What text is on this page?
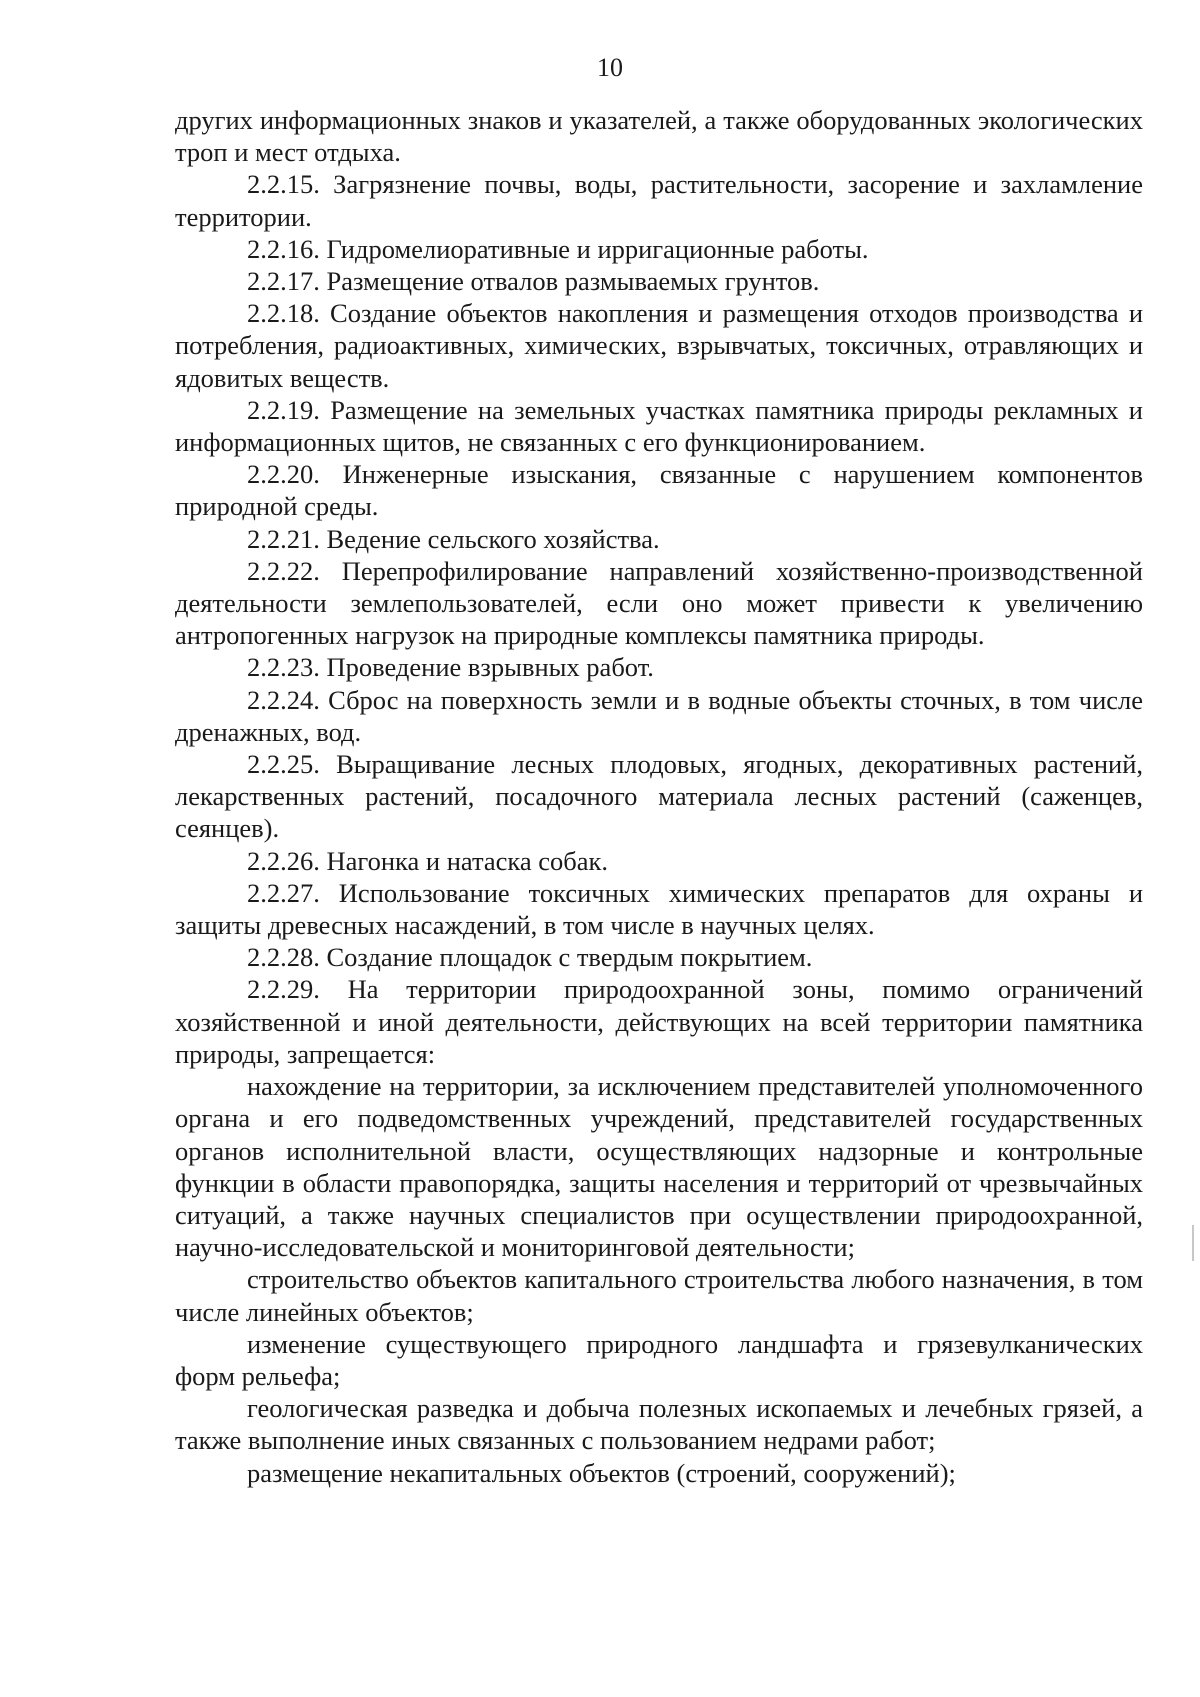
10

других информационных знаков и указателей, а также оборудованных экологических троп и мест отдыха.

2.2.15. Загрязнение почвы, воды, растительности, засорение и захламление территории.

2.2.16. Гидромелиоративные и ирригационные работы.

2.2.17. Размещение отвалов размываемых грунтов.

2.2.18. Создание объектов накопления и размещения отходов производства и потребления, радиоактивных, химических, взрывчатых, токсичных, отравляющих и ядовитых веществ.

2.2.19. Размещение на земельных участках памятника природы рекламных и информационных щитов, не связанных с его функционированием.

2.2.20. Инженерные изыскания, связанные с нарушением компонентов природной среды.

2.2.21. Ведение сельского хозяйства.

2.2.22. Перепрофилирование направлений хозяйственно-производственной деятельности землепользователей, если оно может привести к увеличению антропогенных нагрузок на природные комплексы памятника природы.

2.2.23. Проведение взрывных работ.

2.2.24. Сброс на поверхность земли и в водные объекты сточных, в том числе дренажных, вод.

2.2.25. Выращивание лесных плодовых, ягодных, декоративных растений, лекарственных растений, посадочного материала лесных растений (саженцев, сеянцев).

2.2.26. Нагонка и натаска собак.

2.2.27. Использование токсичных химических препаратов для охраны и защиты древесных насаждений, в том числе в научных целях.

2.2.28. Создание площадок с твердым покрытием.

2.2.29. На территории природоохранной зоны, помимо ограничений хозяйственной и иной деятельности, действующих на всей территории памятника природы, запрещается:

нахождение на территории, за исключением представителей уполномоченного органа и его подведомственных учреждений, представителей государственных органов исполнительной власти, осуществляющих надзорные и контрольные функции в области правопорядка, защиты населения и территорий от чрезвычайных ситуаций, а также научных специалистов при осуществлении природоохранной, научно-исследовательской и мониторинговой деятельности;

строительство объектов капитального строительства любого назначения, в том числе линейных объектов;

изменение существующего природного ландшафта и грязевулканических форм рельефа;

геологическая разведка и добыча полезных ископаемых и лечебных грязей, а также выполнение иных связанных с пользованием недрами работ;

размещение некапитальных объектов (строений, сооружений);
